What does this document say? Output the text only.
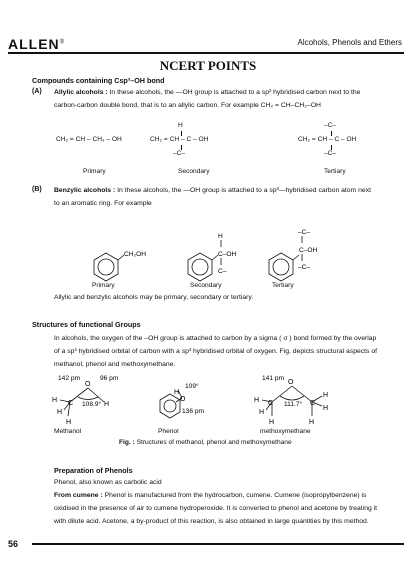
ALLEN®	Alcohols, Phenols and Ethers
NCERT POINTS
Compounds containing Csp³–OH bond
(A) Allylic alcohols : In these alcohols, the —OH group is attached to a sp³ hybridised carbon next to the
carbon-carbon double bond, that is to an allylic carbon. For example CH₂ = CH–CH₂–OH
CH₂ = CH – CH₂ – OH
H
CH₂ = CH – C – OH
–C–
–C–
CH₂ = CH – C – OH
–C–
Primary	Secondary	Tertiary
(B) Benzylic alcohols : In these alcohols, the —OH group is attached to a sp³—hybridised carbon atom next
to an aromatic ring. For example
CH₂OH
H
C–OH
C–
–C–
C–OH
–C–
Primary	Secondary	Tertiary
Allylic and benzylic alcohols may be primary, secondary or tertiary.
Structures of functional Groups
In alcohols, the oxygen of the –OH group is attached to carbon by a sigma ( σ ) bond formed by the overlap
of a sp³ hybridised orbital of carbon with a sp³ hybridised orbital of oxygen. Fig. depicts structural aspects of
methanol, phenol and methoxymethane.
142 pm	96 pm
O
C
H
H
H
H
108.9°
109°
O
H
136 pm
141 pm
O
C	C
H
H
H
H
H
H
111.7°
Methanol	Phenol	methoxymethane
Fig. : Structures of methanol, phenol and methoxymethane
Preparation of Phenols
Phenol, also known as carbolic acid
From cumene : Phenol is manufactured from the hydrocarbon, cumene. Cumene (isopropylbenzene) is
oxidised in the presence of air to cumene hydroperoxide. It is converted to phenol and acetone by treating it
with dilute acid. Acetone, a by-product of this reaction, is also obtained in large quantities by this method.
56
